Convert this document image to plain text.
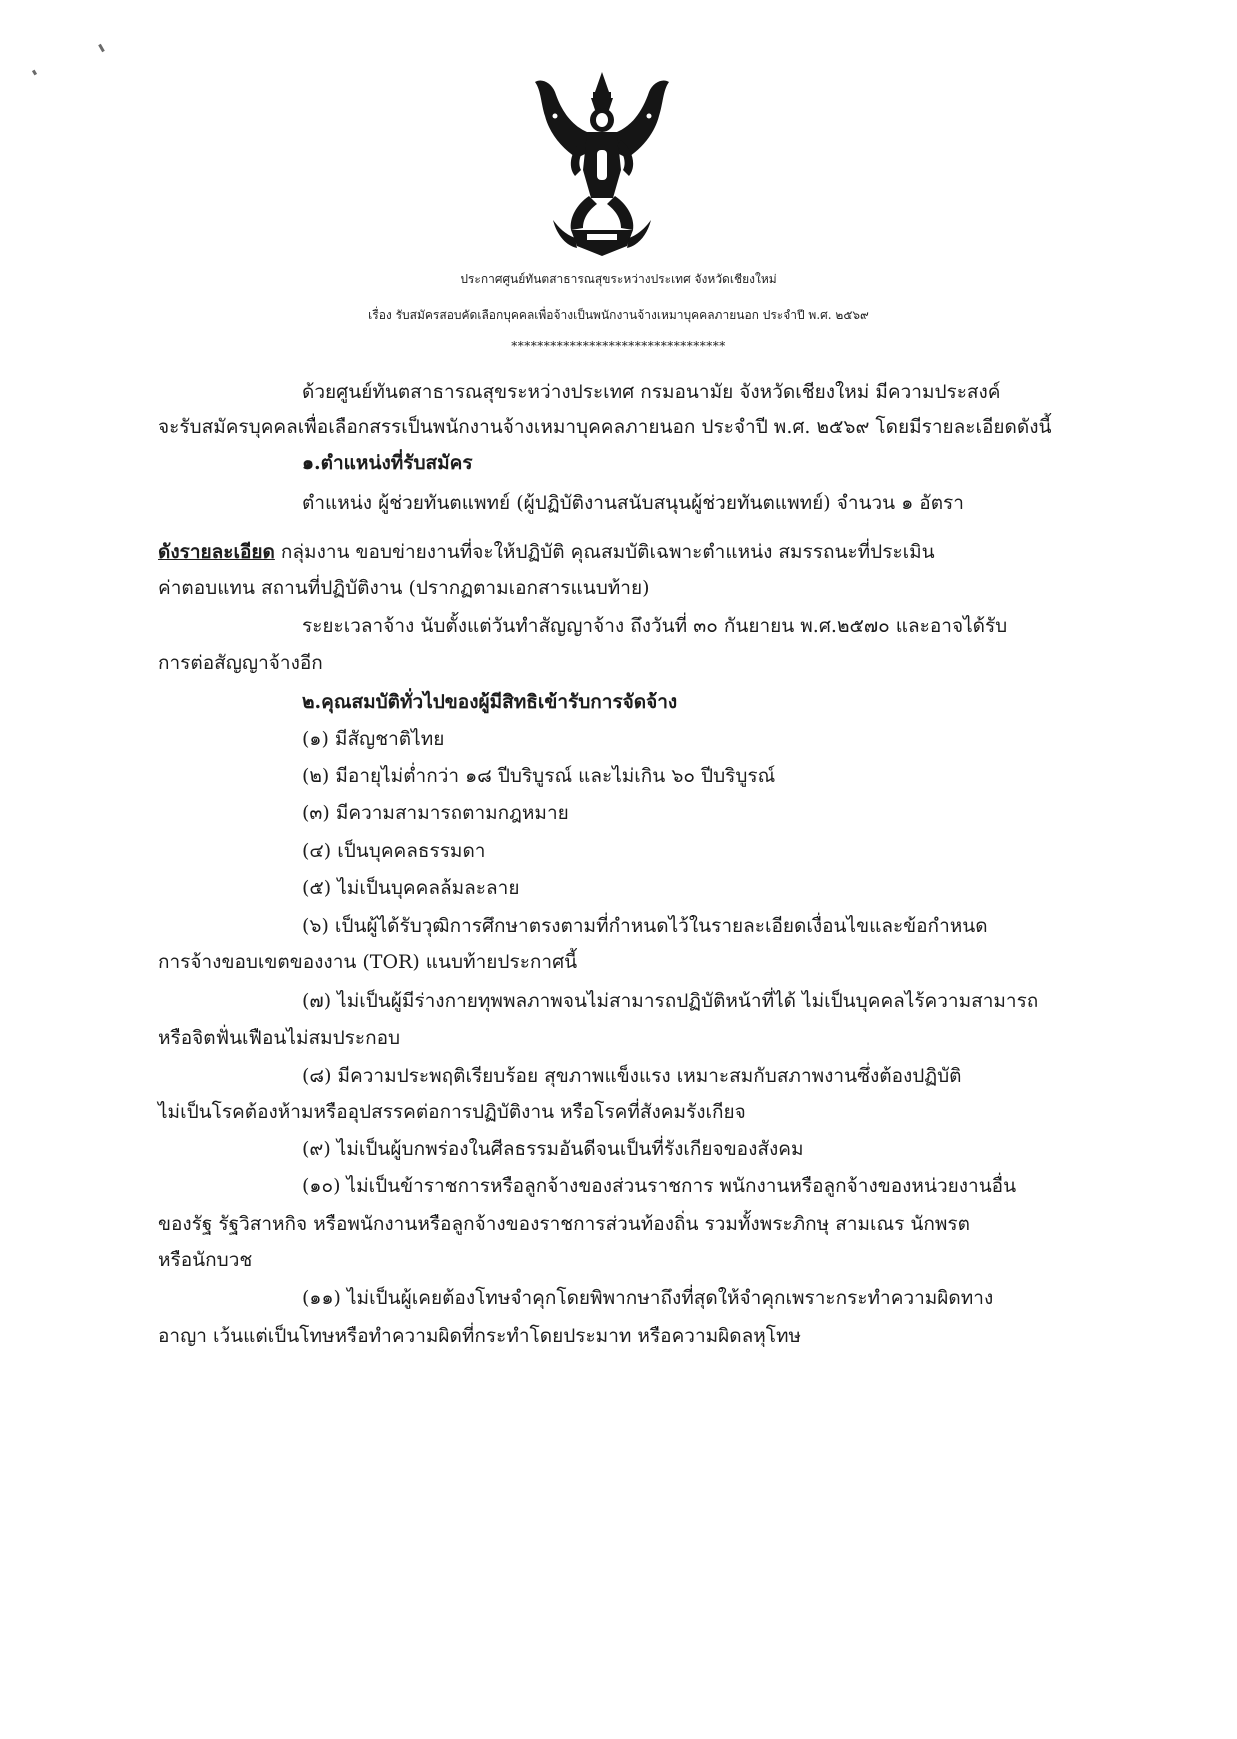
ประกาศศูนย์ทันตสาธารณสุขระหว่างประเทศ จังหวัดเชียงใหม่
เรื่อง รับสมัครสอบคัดเลือกบุคคลเพื่อจ้างเป็นพนักงานจ้างเหมาบุคคลภายนอก ประจำปี พ.ศ. ๒๕๖๙
*********************************
ด้วยศูนย์ทันตสาธารณสุขระหว่างประเทศ กรมอนามัย จังหวัดเชียงใหม่ มีความประสงค์
จะรับสมัครบุคคลเพื่อเลือกสรรเป็นพนักงานจ้างเหมาบุคคลภายนอก ประจำปี พ.ศ. ๒๕๖๙ โดยมีรายละเอียดดังนี้
๑.ตำแหน่งที่รับสมัคร
ตำแหน่ง ผู้ช่วยทันตแพทย์ (ผู้ปฏิบัติงานสนับสนุนผู้ช่วยทันตแพทย์) จำนวน ๑ อัตรา
ดังรายละเอียด กลุ่มงาน ขอบข่ายงานที่จะให้ปฏิบัติ คุณสมบัติเฉพาะตำแหน่ง สมรรถนะที่ประเมิน
ค่าตอบแทน สถานที่ปฏิบัติงาน (ปรากฏตามเอกสารแนบท้าย)
ระยะเวลาจ้าง นับตั้งแต่วันทำสัญญาจ้าง ถึงวันที่ ๓๐ กันยายน พ.ศ.๒๕๗๐ และอาจได้รับ
การต่อสัญญาจ้างอีก
๒.คุณสมบัติทั่วไปของผู้มีสิทธิเข้ารับการจัดจ้าง
(๑) มีสัญชาติไทย
(๒) มีอายุไม่ต่ำกว่า ๑๘ ปีบริบูรณ์ และไม่เกิน ๖๐ ปีบริบูรณ์
(๓) มีความสามารถตามกฎหมาย
(๔) เป็นบุคคลธรรมดา
(๕) ไม่เป็นบุคคลล้มละลาย
(๖) เป็นผู้ได้รับวุฒิการศึกษาตรงตามที่กำหนดไว้ในรายละเอียดเงื่อนไขและข้อกำหนด
การจ้างขอบเขตของงาน (TOR) แนบท้ายประกาศนี้
(๗) ไม่เป็นผู้มีร่างกายทุพพลภาพจนไม่สามารถปฏิบัติหน้าที่ได้ ไม่เป็นบุคคลไร้ความสามารถ
หรือจิตฟั่นเฟือนไม่สมประกอบ
(๘) มีความประพฤติเรียบร้อย สุขภาพแข็งแรง เหมาะสมกับสภาพงานซึ่งต้องปฏิบัติ
ไม่เป็นโรคต้องห้ามหรืออุปสรรคต่อการปฏิบัติงาน หรือโรคที่สังคมรังเกียจ
(๙) ไม่เป็นผู้บกพร่องในศีลธรรมอันดีจนเป็นที่รังเกียจของสังคม
(๑๐) ไม่เป็นข้าราชการหรือลูกจ้างของส่วนราชการ พนักงานหรือลูกจ้างของหน่วยงานอื่น
ของรัฐ รัฐวิสาหกิจ หรือพนักงานหรือลูกจ้างของราชการส่วนท้องถิ่น รวมทั้งพระภิกษุ สามเณร นักพรต
หรือนักบวช
(๑๑) ไม่เป็นผู้เคยต้องโทษจำคุกโดยพิพากษาถึงที่สุดให้จำคุกเพราะกระทำความผิดทาง
อาญา เว้นแต่เป็นโทษหรือทำความผิดที่กระทำโดยประมาท หรือความผิดลหุโทษ
